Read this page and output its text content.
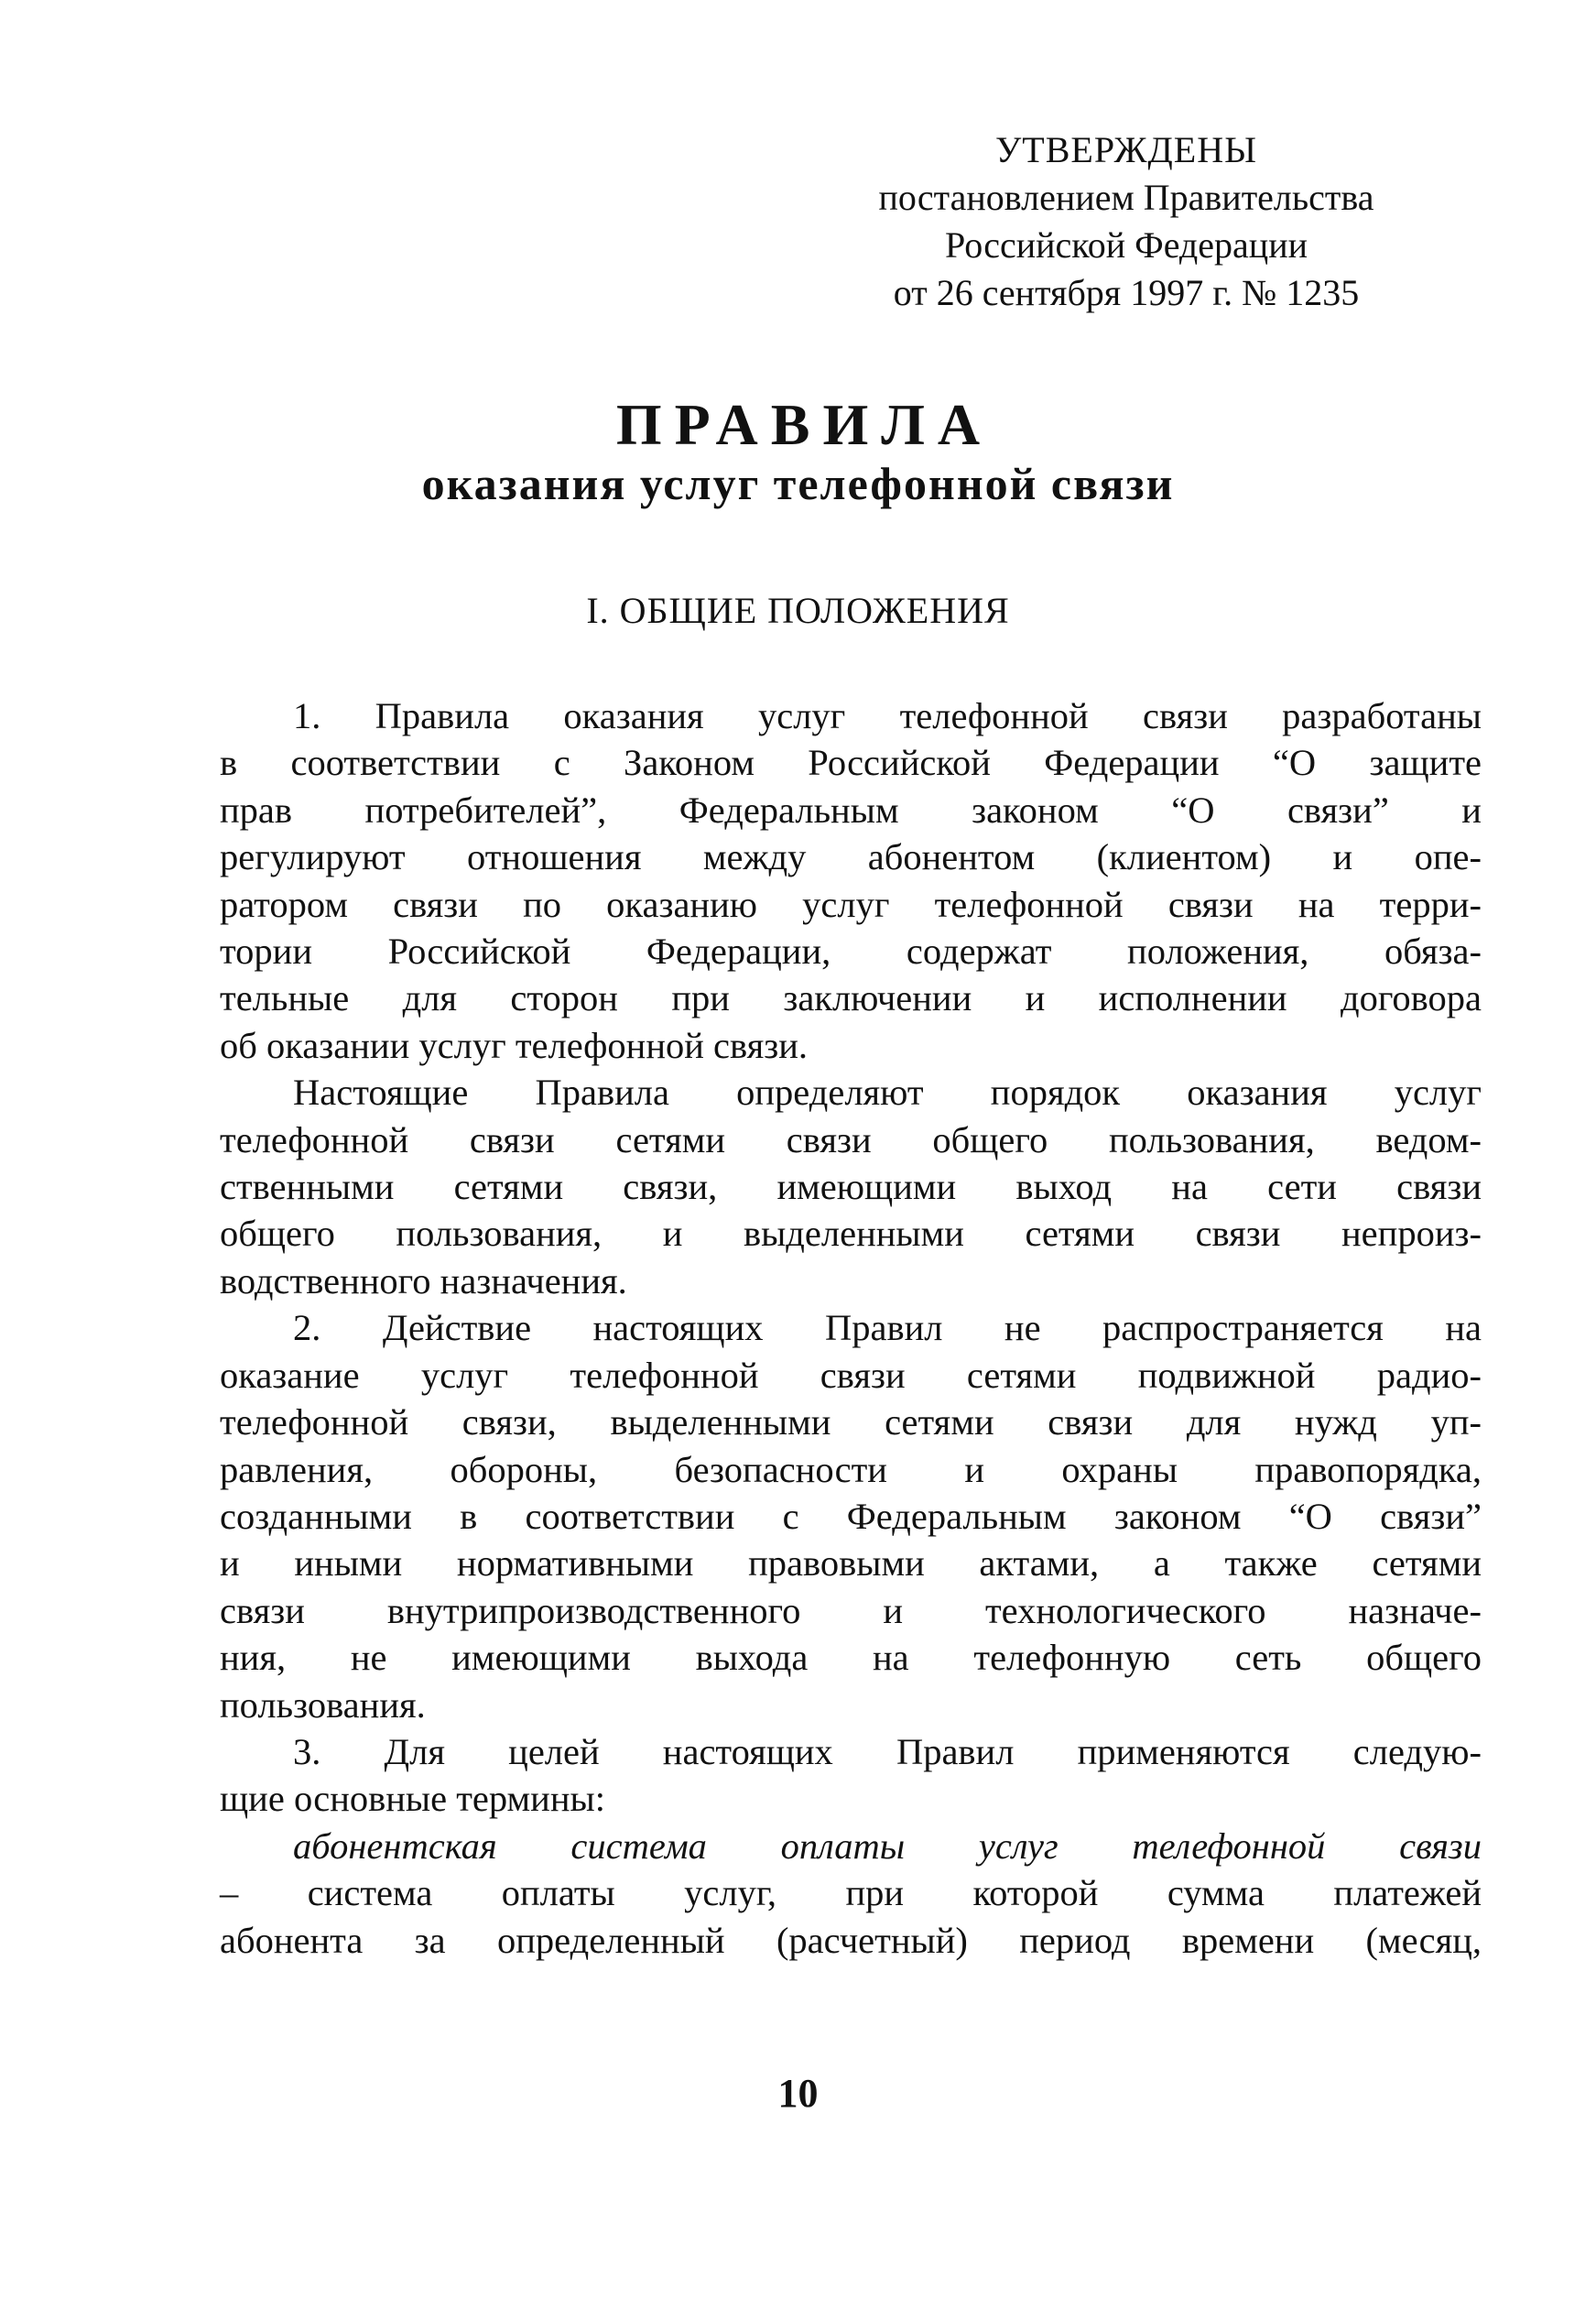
УТВЕРЖДЕНЫ
постановлением Правительства
Российской Федерации
от 26 сентября 1997 г. № 1235
ПРАВИЛА
оказания услуг телефонной связи
I. ОБЩИЕ ПОЛОЖЕНИЯ
1. Правила оказания услуг телефонной связи разработаны
в соответствии с Законом Российской Федерации “О защите
прав потребителей”, Федеральным законом “О связи” и
регулируют отношения между абонентом (клиентом) и опе-
ратором связи по оказанию услуг телефонной связи на терри-
тории Российской Федерации, содержат положения, обяза-
тельные для сторон при заключении и исполнении договора
об оказании услуг телефонной связи.
Настоящие Правила определяют порядок оказания услуг
телефонной связи сетями связи общего пользования, ведом-
ственными сетями связи, имеющими выход на сети связи
общего пользования, и выделенными сетями связи непроиз-
водственного назначения.
2. Действие настоящих Правил не распространяется на
оказание услуг телефонной связи сетями подвижной радио-
телефонной связи, выделенными сетями связи для нужд уп-
равления, обороны, безопасности и охраны правопорядка,
созданными в соответствии с Федеральным законом “О связи”
и иными нормативными правовыми актами, а также сетями
связи внутрипроизводственного и технологического назначе-
ния, не имеющими выхода на телефонную сеть общего
пользования.
3. Для целей настоящих Правил применяются следую-
щие основные термины:
абонентская система оплаты услуг телефонной связи
– система оплаты услуг, при которой сумма платежей
абонента за определенный (расчетный) период времени (месяц,
10
